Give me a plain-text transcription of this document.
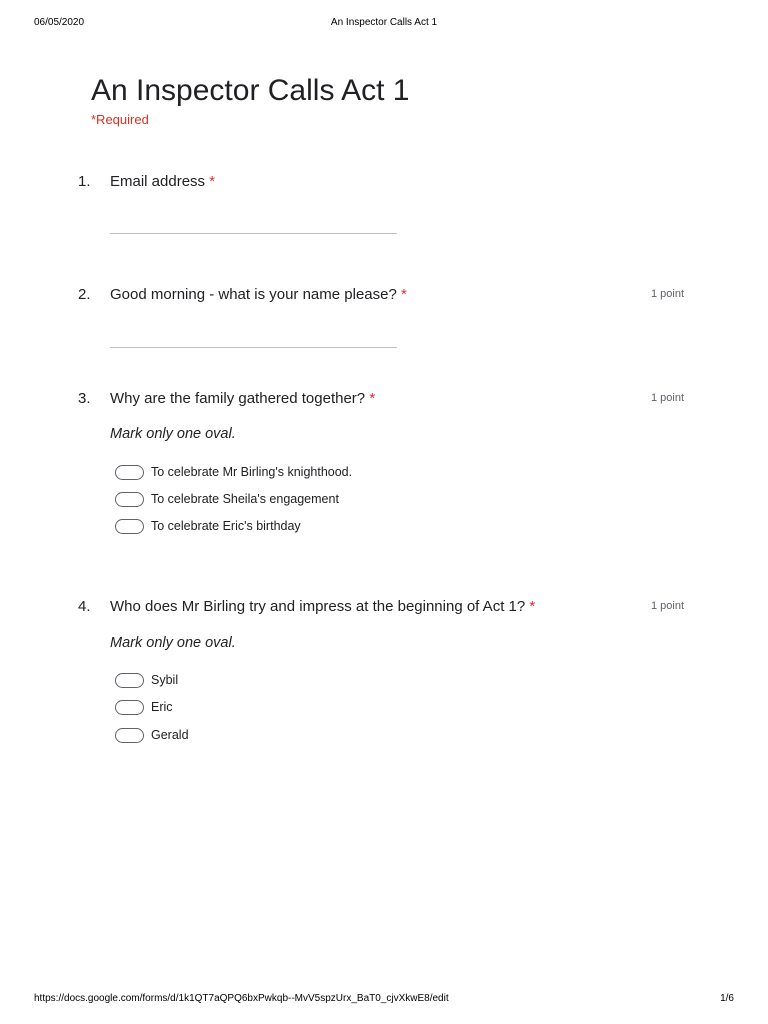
06/05/2020	An Inspector Calls Act 1
An Inspector Calls Act 1
*Required
1. Email address *
2. Good morning - what is your name please? *	1 point
3. Why are the family gathered together? *	1 point
Mark only one oval.
To celebrate Mr Birling's knighthood.
To celebrate Sheila's engagement
To celebrate Eric's birthday
4. Who does Mr Birling try and impress at the beginning of Act 1? *	1 point
Mark only one oval.
Sybil
Eric
Gerald
https://docs.google.com/forms/d/1k1QT7aQPQ6bxPwkqb--MvV5spzUrx_BaT0_cjvXkwE8/edit	1/6
